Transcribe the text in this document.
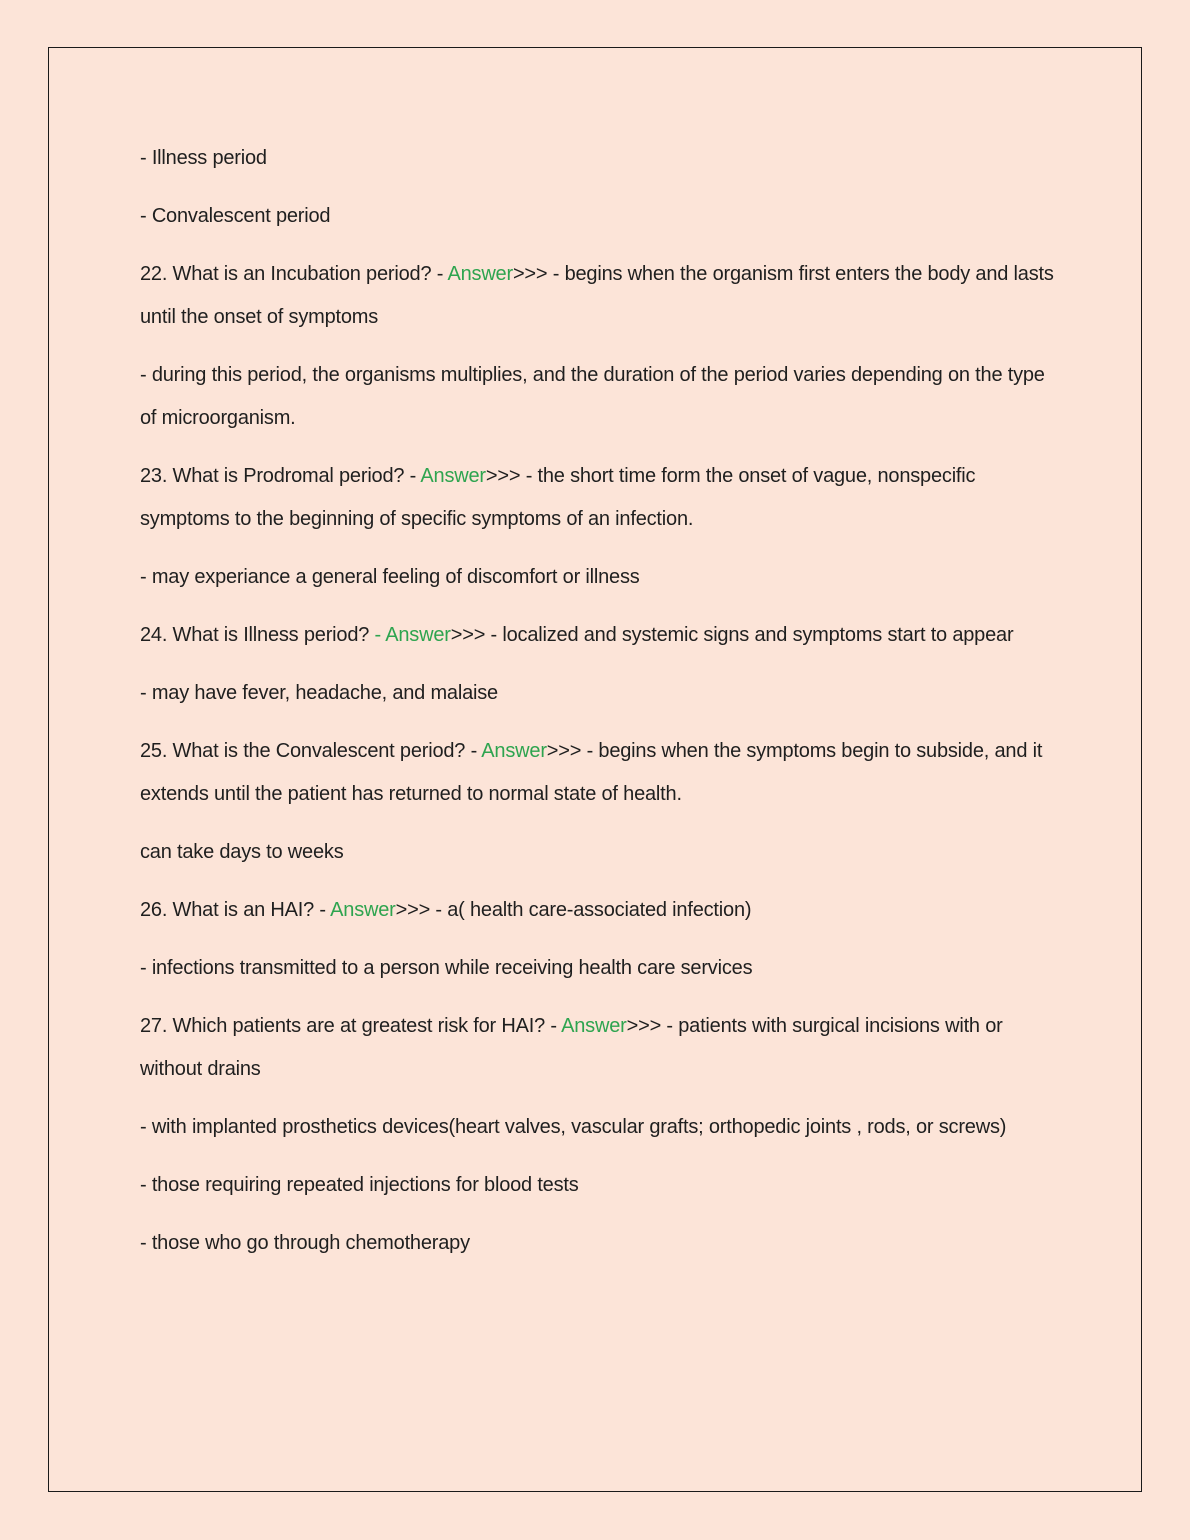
- Illness period

- Convalescent period

22. What is an Incubation period? - Answer>>> - begins when the organism first enters the body and lasts until the onset of symptoms

- during this period, the organisms multiplies, and the duration of the period varies depending on the type of microorganism.

23. What is Prodromal period? - Answer>>> - the short time form the onset of vague, nonspecific symptoms to the beginning of specific symptoms of an infection.

- may experiance a general feeling of discomfort or illness

24. What is Illness period? - Answer>>> - localized and systemic signs and symptoms start to appear

- may have fever, headache, and malaise

25. What is the Convalescent period? - Answer>>> - begins when the symptoms begin to subside, and it extends until the patient has returned to normal state of health.

can take days to weeks

26. What is an HAI? - Answer>>> - a( health care-associated infection)

- infections transmitted to a person while receiving health care services

27. Which patients are at greatest risk for HAI? - Answer>>> - patients with surgical incisions with or without drains

- with implanted prosthetics devices(heart valves, vascular grafts; orthopedic joints , rods, or screws)

- those requiring repeated injections for blood tests

- those who go through chemotherapy
